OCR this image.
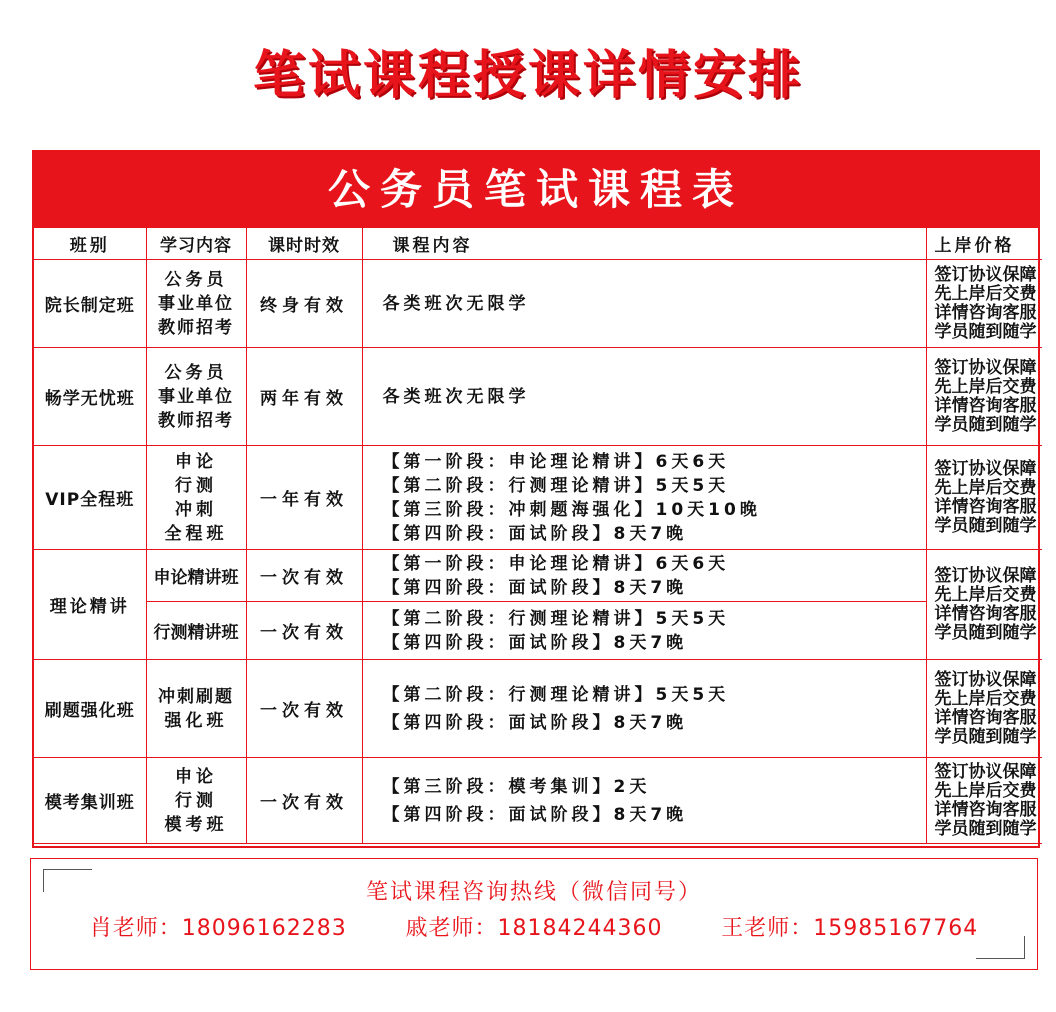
笔试课程授课详情安排
公务员笔试课程表
班别	学习内容	课时时效	课程内容	上岸价格
院长制定班	公务员
事业单位
教师招考	终身有效	各类班次无限学	签订协议保障
先上岸后交费
详情咨询客服
学员随到随学

畅学无忧班	公务员
事业单位
教师招考	两年有效	各类班次无限学	签订协议保障
先上岸后交费
详情咨询客服
学员随到随学

VIP全程班	申论
行测
冲刺
全程班	一年有效	【第一阶段：申论理论精讲】6天6天
【第二阶段：行测理论精讲】5天5天
【第三阶段：冲刺题海强化】10天10晚
【第四阶段：面试阶段】8天7晚	签订协议保障
先上岸后交费
详情咨询客服
学员随到随学

理论精讲	申论精讲班	一次有效	【第一阶段：申论理论精讲】6天6天
【第四阶段：面试阶段】8天7晚	签订协议保障
先上岸后交费
详情咨询客服
学员随到随学

	行测精讲班	一次有效	【第二阶段：行测理论精讲】5天5天
【第四阶段：面试阶段】8天7晚	

刷题强化班	冲刺刷题
强化班	一次有效	【第二阶段：行测理论精讲】5天5天
【第四阶段：面试阶段】8天7晚	签订协议保障
先上岸后交费
详情咨询客服
学员随到随学

模考集训班	申论
行测
模考班	一次有效	【第三阶段：模考集训】2天
【第四阶段：面试阶段】8天7晚	签订协议保障
先上岸后交费
详情咨询客服
学员随到随学
笔试课程咨询热线（微信同号）
肖老师：18096162283	戚老师：18184244360	王老师：15985167764
